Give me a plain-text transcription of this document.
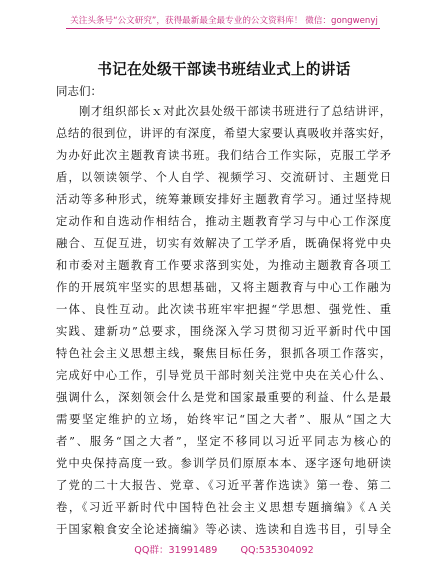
关注头条号“公文研究”，获得最新最全最专业的公文资料库！ 微信：gongwenyj
书记在处级干部读书班结业式上的讲话
同志们：
刚才组织部长ｘ对此次县处级干部读书班进行了总结讲评，
总结的很到位，讲评的有深度，希望大家要认真吸收并落实好，
为办好此次主题教育读书班。我们结合工作实际，克服工学矛
盾，以领读领学、个人自学、视频学习、交流研讨、主题党日
活动等多种形式，统筹兼顾安排好主题教育学习。通过坚持规
定动作和自选动作相结合，推动主题教育学习与中心工作深度
融合、互促互进，切实有效解决了工学矛盾，既确保将党中央
和市委对主题教育工作要求落到实处，为推动主题教育各项工
作的开展筑牢坚实的思想基础，又将主题教育与中心工作融为
一体、良性互动。此次读书班牢牢把握“学思想、强党性、重
实践、建新功”总要求，围绕深入学习贯彻习近平新时代中国
特色社会主义思想主线，聚焦目标任务，狠抓各项工作落实，
完成好中心工作，引导党员干部时刻关注党中央在关心什么、
强调什么，深刻领会什么是党和国家最重要的利益、什么是最
需要坚定维护的立场，始终牢记“国之大者”、服从“国之大
者”、服务“国之大者”，坚定不移同以习近平同志为核心的
党中央保持高度一致。参训学员们原原本本、逐字逐句地研读
了党的二十大报告、党章、《习近平著作选读》第一卷、第二
卷，《习近平新时代中国特色社会主义思想专题摘编》《Ａ关
于国家粮食安全论述摘编》等必读、选读和自选书目，引导全
QQ群：31991489 QQ:535304092
